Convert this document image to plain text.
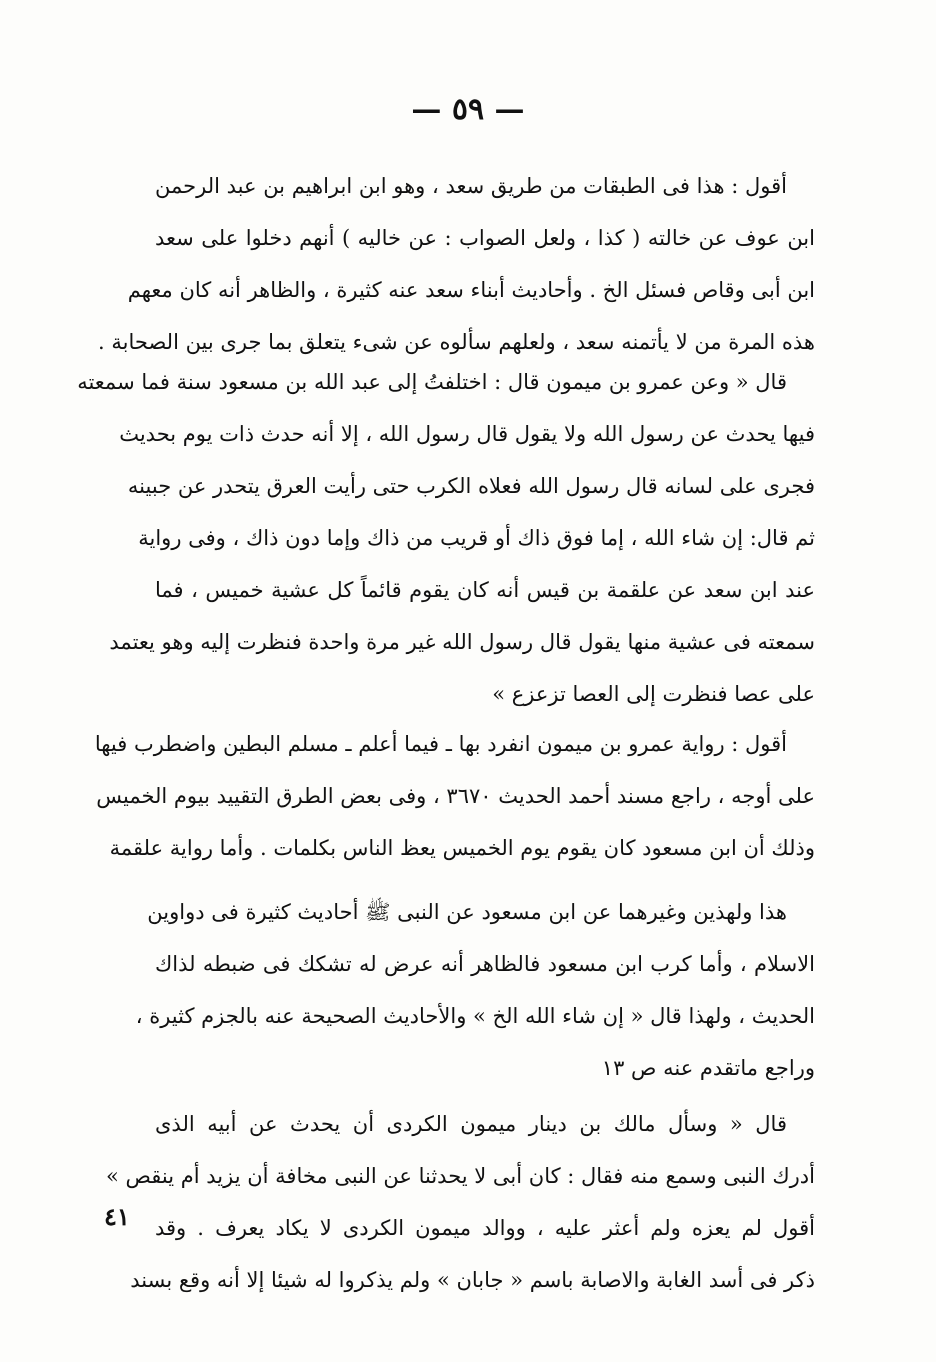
— ٥٩ —
٤١
أقول : هذا فى الطبقات من طريق سعد ، وهو ابن ابراهيم بن عبد الرحمن
ابن عوف عن خالته ( كذا ، ولعل الصواب : عن خاليه ) أنهم دخلوا على سعد
ابن أبى وقاص فسئل الخ . وأحاديث أبناء سعد عنه كثيرة ، والظاهر أنه كان معهم
هذه المرة من لا يأتمنه سعد ، ولعلهم سألوه عن شىء يتعلق بما جرى بين الصحابة .
قال « وعن عمرو بن ميمون قال : اختلفتُ إلى عبد الله بن مسعود سنة فما سمعته
فيها يحدث عن رسول الله ولا يقول قال رسول الله ، إلا أنه حدث ذات يوم بحديث
فجرى على لسانه قال رسول الله فعلاه الكرب حتى رأيت العرق يتحدر عن جبينه
ثم قال: إن شاء الله ، إما فوق ذاك أو قريب من ذاك وإما دون ذاك ، وفى رواية
عند ابن سعد عن علقمة بن قيس أنه كان يقوم قائماً كل عشية خميس ، فما
سمعته فى عشية منها يقول قال رسول الله غير مرة واحدة فنظرت إليه وهو يعتمد
على عصا فنظرت إلى العصا تزعزع »
أقول : رواية عمرو بن ميمون انفرد بها ـ فيما أعلم ـ مسلم البطين واضطرب فيها
على أوجه ، راجع مسند أحمد الحديث ٣٦٧٠ ، وفى بعض الطرق التقييد بيوم الخميس
وذلك أن ابن مسعود كان يقوم يوم الخميس يعظ الناس بكلمات . وأما رواية علقمة
هذا ولهذين وغيرهما عن ابن مسعود عن النبى ﷺ أحاديث كثيرة فى دواوين
الاسلام ، وأما كرب ابن مسعود فالظاهر أنه عرض له تشكك فى ضبطه لذاك
الحديث ، ولهذا قال « إن شاء الله الخ » والأحاديث الصحيحة عنه بالجزم كثيرة ،
وراجع ماتقدم عنه ص ١٣
قال « وسأل مالك بن دينار ميمون الكردى أن يحدث عن أبيه الذى
أدرك النبى وسمع منه فقال : كان أبى لا يحدثنا عن النبى مخافة أن يزيد أم ينقص »
أقول لم يعزه ولم أعثر عليه ، ووالد ميمون الكردى لا يكاد يعرف . وقد
ذكر فى أسد الغابة والاصابة باسم « جابان » ولم يذكروا له شيئا إلا أنه وقع بسند
